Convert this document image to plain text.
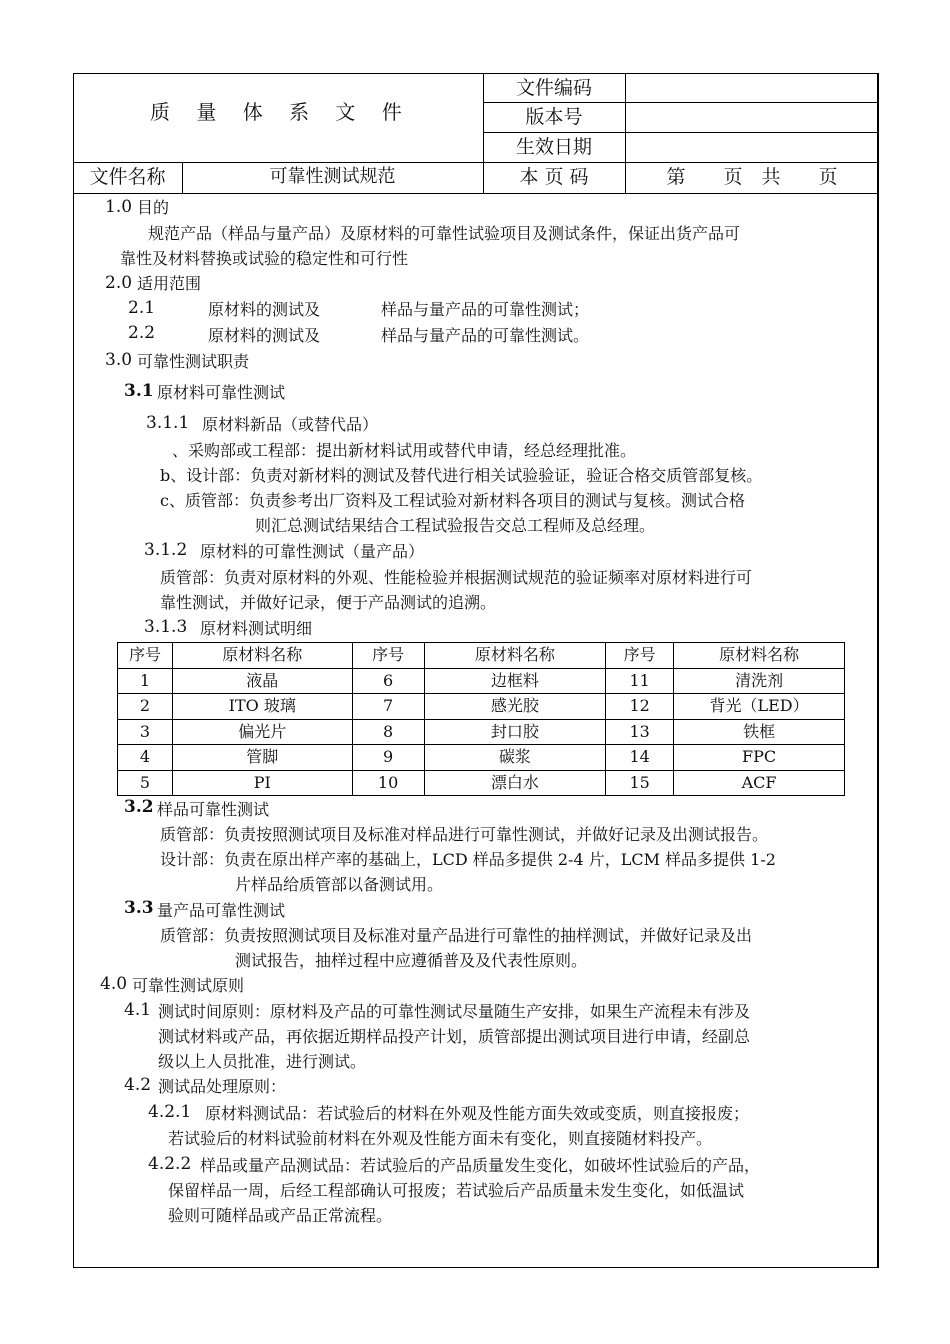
质 量 体 系 文 件
文件编码
版本号
生效日期
文件名称	可靠性测试规范	本 页 码	第　　页　共　　页
1.0 目的
规范产品（样品与量产品）及原材料的可靠性试验项目及测试条件，保证出货产品可
靠性及材料替换或试验的稳定性和可行性
2.0 适用范围
2.1	原材料的测试及	样品与量产品的可靠性测试；
2.2	原材料的测试及	样品与量产品的可靠性测试。
3.0 可靠性测试职责
3.1 原材料可靠性测试
3.1.1 原材料新品（或替代品）
、采购部或工程部：提出新材料试用或替代申请，经总经理批准。
b、设计部：负责对新材料的测试及替代进行相关试验验证，验证合格交质管部复核。
c、质管部：负责参考出厂资料及工程试验对新材料各项目的测试与复核。测试合格
则汇总测试结果结合工程试验报告交总工程师及总经理。
3.1.2 原材料的可靠性测试（量产品）
质管部：负责对原材料的外观、性能检验并根据测试规范的验证频率对原材料进行可
靠性测试，并做好记录，便于产品测试的追溯。
3.1.3 原材料测试明细
序号	原材料名称	序号	原材料名称	序号	原材料名称
1	液晶	6	边框料	11	清洗剂
2	ITO 玻璃	7	感光胶	12	背光（LED）
3	偏光片	8	封口胶	13	铁框
4	管脚	9	碳浆	14	FPC
5	PI	10	漂白水	15	ACF
3.2 样品可靠性测试
质管部：负责按照测试项目及标准对样品进行可靠性测试，并做好记录及出测试报告。
设计部：负责在原出样产率的基础上，LCD 样品多提供 2-4 片，LCM 样品多提供 1-2
片样品给质管部以备测试用。
3.3 量产品可靠性测试
质管部：负责按照测试项目及标准对量产品进行可靠性的抽样测试，并做好记录及出
测试报告，抽样过程中应遵循普及及代表性原则。
4.0 可靠性测试原则
4.1 测试时间原则：原材料及产品的可靠性测试尽量随生产安排，如果生产流程未有涉及
测试材料或产品，再依据近期样品投产计划，质管部提出测试项目进行申请，经副总
级以上人员批准，进行测试。
4.2 测试品处理原则：
4.2.1 原材料测试品：若试验后的材料在外观及性能方面失效或变质，则直接报废；
若试验后的材料试验前材料在外观及性能方面未有变化，则直接随材料投产。
4.2.2 样品或量产品测试品：若试验后的产品质量发生变化，如破坏性试验后的产品，
保留样品一周，后经工程部确认可报废；若试验后产品质量未发生变化，如低温试
验则可随样品或产品正常流程。
